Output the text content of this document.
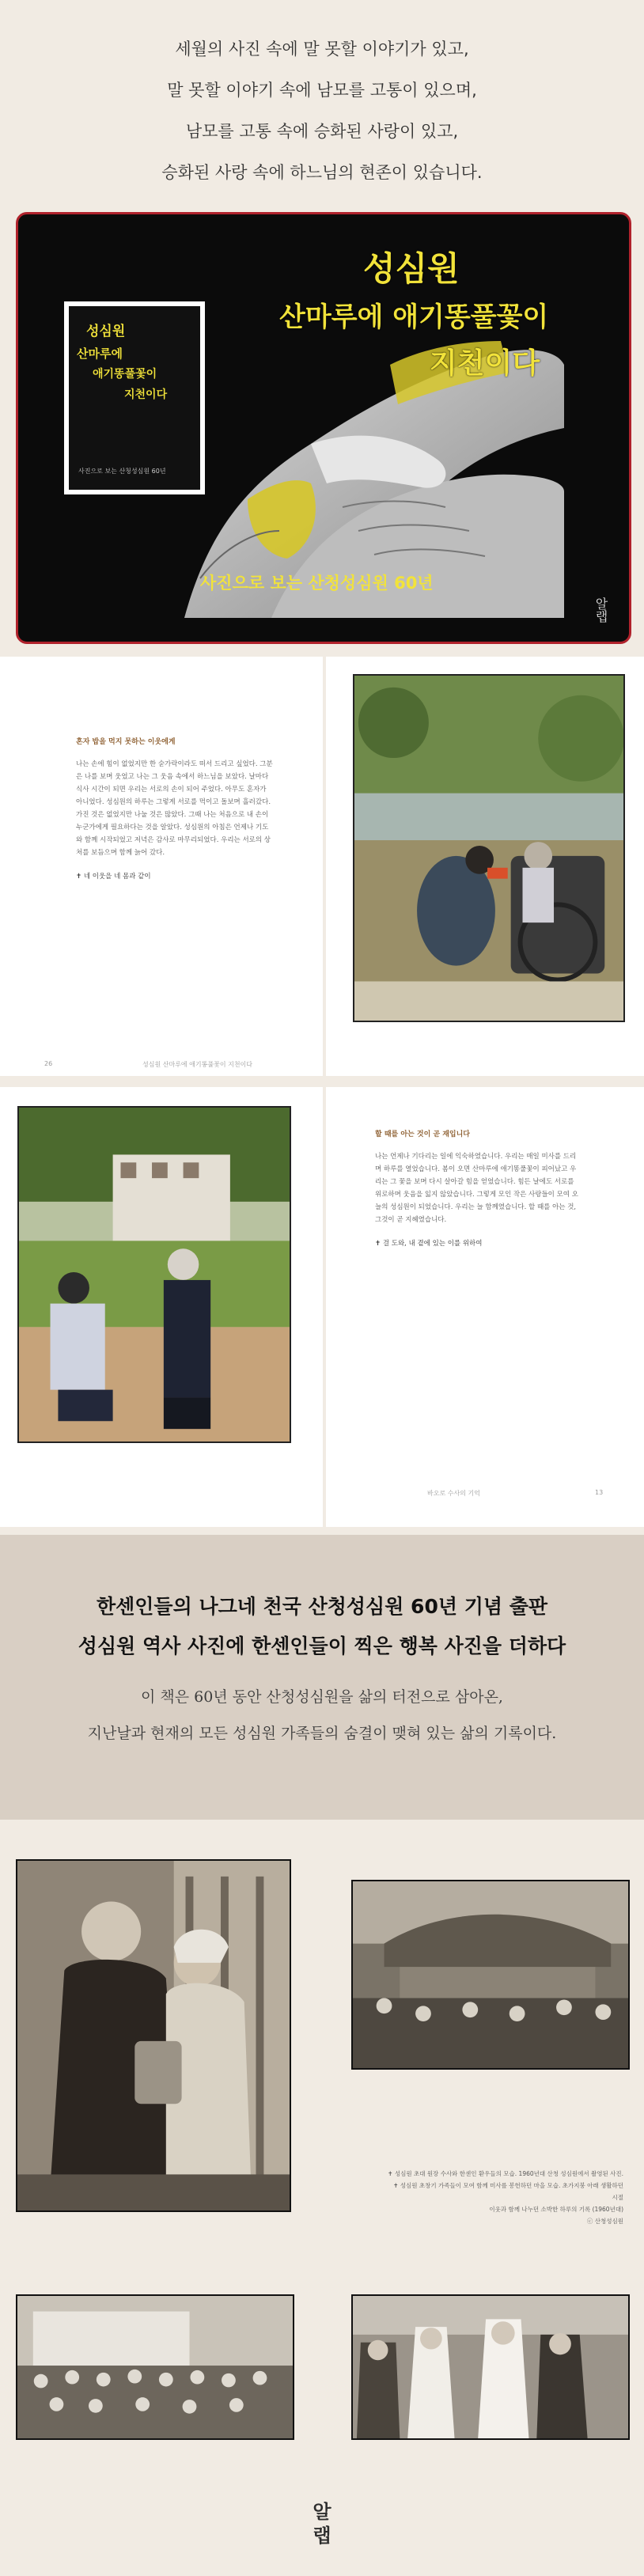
세월의 사진 속에 말 못할 이야기가 있고,

말 못할 이야기 속에 남모를 고통이 있으며,

남모를 고통 속에 승화된 사랑이 있고,

승화된 사랑 속에 하느님의 현존이 있습니다.

성심원
산마루에
애기똥풀꽃이
지천이다
사진으로 보는 산청성심원 60년
성심원
산마루에 애기똥풀꽃이
지천이다
사진으로 보는 산청성심원 60년
알랩
혼자 밥을 먹지 못하는 이웃에게
나는 손에 힘이 없었지만 한 숟가락이라도 떠서 드리고 싶었다. 그분은 나를 보며 웃었고 나는 그 웃음 속에서 하느님을 보았다. 날마다 식사 시간이 되면 우리는 서로의 손이 되어 주었다. 아무도 혼자가 아니었다. 성심원의 하루는 그렇게 서로를 먹이고 돌보며 흘러갔다. 가진 것은 없었지만 나눌 것은 많았다. 그때 나는 처음으로 내 손이 누군가에게 필요하다는 것을 알았다. 성심원의 아침은 언제나 기도와 함께 시작되었고 저녁은 감사로 마무리되었다. 우리는 서로의 상처를 보듬으며 함께 늙어 갔다.
✝ 네 이웃을 네 몸과 같이
26	성심원 산마루에 애기똥풀꽃이 지천이다
할 때를 아는 것이 곧 재입니다
나는 언제나 기다리는 일에 익숙하였습니다. 우리는 매일 미사를 드리며 하루를 열었습니다. 봄이 오면 산마루에 애기똥풀꽃이 피어났고 우리는 그 꽃을 보며 다시 살아갈 힘을 얻었습니다. 힘든 날에도 서로를 위로하며 웃음을 잃지 않았습니다. 그렇게 모인 작은 사랑들이 모여 오늘의 성심원이 되었습니다. 우리는 늘 함께였습니다. 할 때를 아는 것, 그것이 곧 지혜였습니다.
✝ 걸 도와, 내 곁에 있는 이를 위하여
바오로 수사의 기억	13
한센인들의 나그네 천국 산청성심원 60년 기념 출판
성심원 역사 사진에 한센인들이 찍은 행복 사진을 더하다

이 책은 60년 동안 산청성심원을 삶의 터전으로 삼아온,

지난날과 현재의 모든 성심원 가족들의 숨결이 맺혀 있는 삶의 기록이다.

✝ 성심원 초대 원장 수사와 한센인 환우들의 모습. 1960년대 산청 성심원에서 촬영된 사진.
✝ 성심원 초창기 가족들이 모여 함께 미사를 봉헌하던 마을 모습. 초가지붕 아래 생활하던 시절
이웃과 함께 나누던 소박한 하루의 기록 (1960년대)
ⓒ 산청성심원
알
랩
